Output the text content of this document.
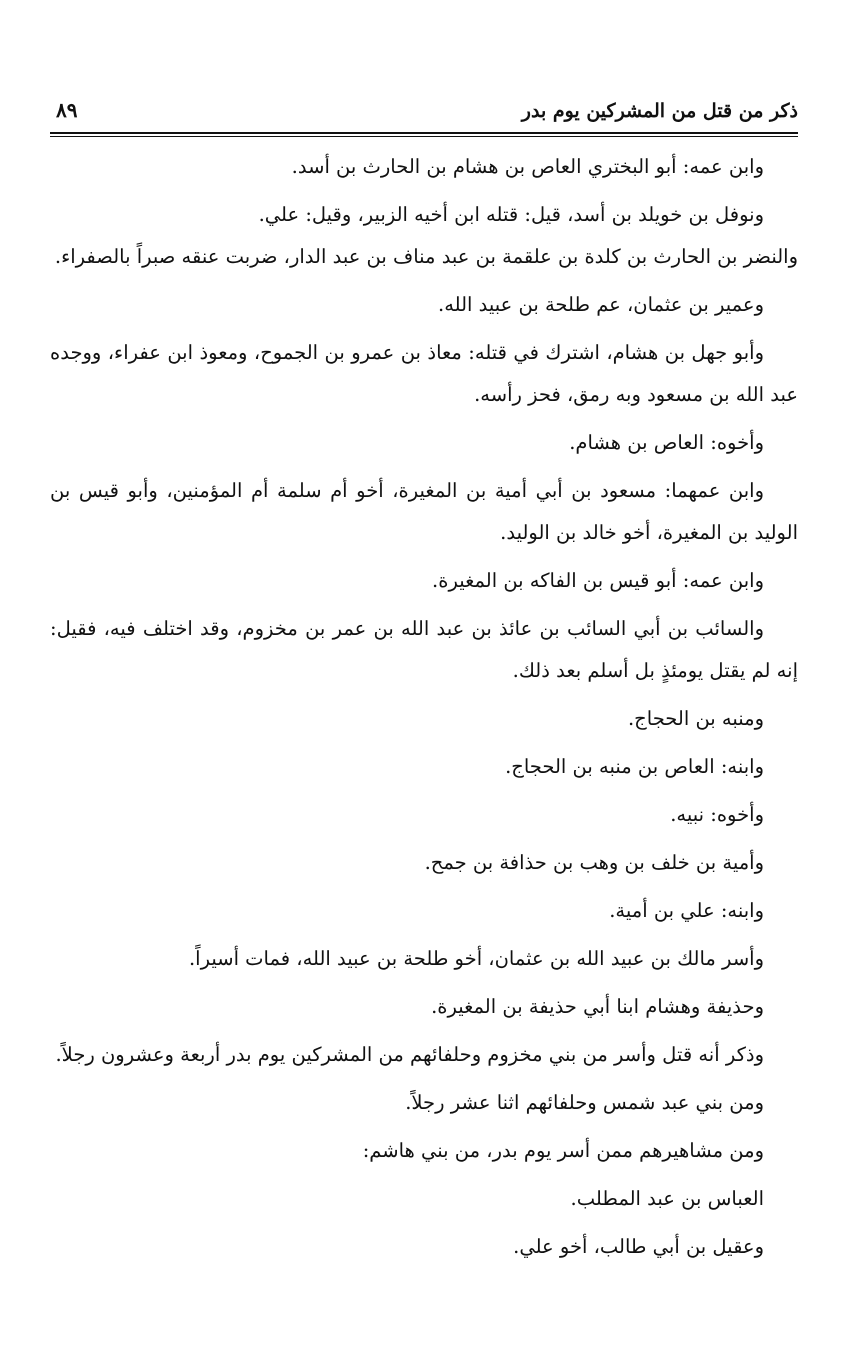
ذكر من قتل من المشركين يوم بدر
٨٩

وابن عمه: أبو البختري العاص بن هشام بن الحارث بن أسد.

ونوفل بن خويلد بن أسد، قيل: قتله ابن أخيه الزبير، وقيل: علي.

والنضر بن الحارث بن كلدة بن علقمة بن عبد مناف بن عبد الدار، ضربت عنقه صبراً بالصفراء.

وعمير بن عثمان، عم طلحة بن عبيد الله.

وأبو جهل بن هشام، اشترك في قتله: معاذ بن عمرو بن الجموح، ومعوذ ابن عفراء، ووجده عبد الله بن مسعود وبه رمق، فحز رأسه.

وأخوه: العاص بن هشام.

وابن عمهما: مسعود بن أبي أمية بن المغيرة، أخو أم سلمة أم المؤمنين، وأبو قيس بن الوليد بن المغيرة، أخو خالد بن الوليد.

وابن عمه: أبو قيس بن الفاكه بن المغيرة.

والسائب بن أبي السائب بن عائذ بن عبد الله بن عمر بن مخزوم، وقد اختلف فيه، فقيل: إنه لم يقتل يومئذٍ بل أسلم بعد ذلك.

ومنبه بن الحجاج.

وابنه: العاص بن منبه بن الحجاج.

وأخوه: نبيه.

وأمية بن خلف بن وهب بن حذافة بن جمح.

وابنه: علي بن أمية.

وأسر مالك بن عبيد الله بن عثمان، أخو طلحة بن عبيد الله، فمات أسيراً.

وحذيفة وهشام ابنا أبي حذيفة بن المغيرة.

وذكر أنه قتل وأسر من بني مخزوم وحلفائهم من المشركين يوم بدر أربعة وعشرون رجلاً.

ومن بني عبد شمس وحلفائهم اثنا عشر رجلاً.

ومن مشاهيرهم ممن أسر يوم بدر، من بني هاشم:

العباس بن عبد المطلب.

وعقيل بن أبي طالب، أخو علي.
